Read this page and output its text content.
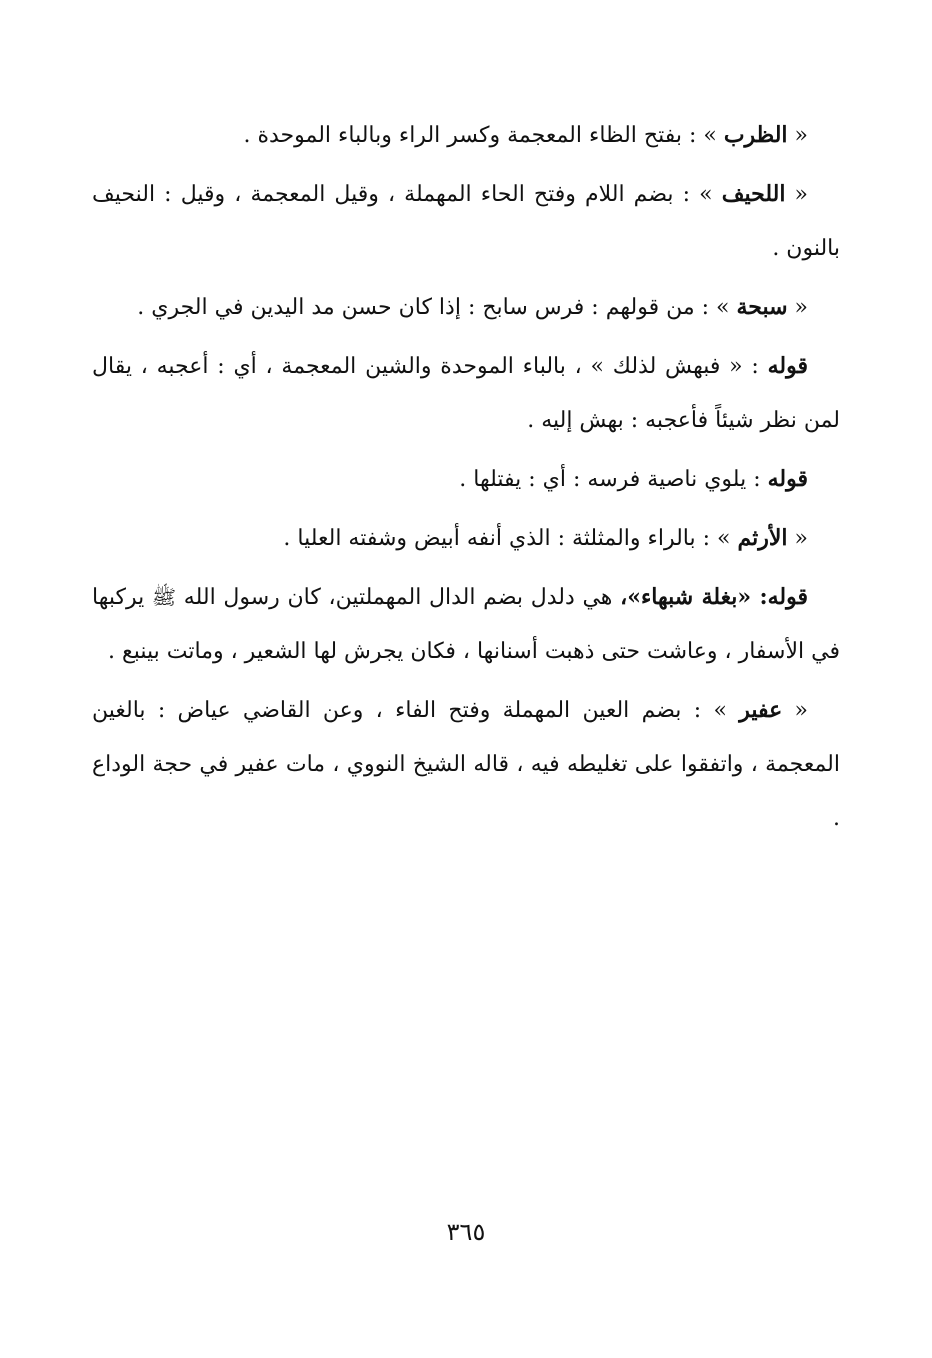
« الظرب » : بفتح الظاء المعجمة وكسر الراء وبالباء الموحدة .

« اللحيف » : بضم اللام وفتح الحاء المهملة ، وقيل المعجمة ، وقيل : النحيف بالنون .

« سبحة » : من قولهم : فرس سابح : إذا كان حسن مد اليدين في الجري .

قوله : « فبهش لذلك » ، بالباء الموحدة والشين المعجمة ، أي : أعجبه ، يقال لمن نظر شيئاً فأعجبه : بهش إليه .

قوله : يلوي ناصية فرسه : أي : يفتلها .

« الأرثم » : بالراء والمثلثة : الذي أنفه أبيض وشفته العليا .

قوله: «بغلة شبهاء»، هي دلدل بضم الدال المهملتين، كان رسول الله ﷺ يركبها في الأسفار ، وعاشت حتى ذهبت أسنانها ، فكان يجرش لها الشعير ، وماتت بينبع .

« عفير » : بضم العين المهملة وفتح الفاء ، وعن القاضي عياض : بالغين المعجمة ، واتفقوا على تغليطه فيه ، قاله الشيخ النووي ، مات عفير في حجة الوداع .

٣٦٥
